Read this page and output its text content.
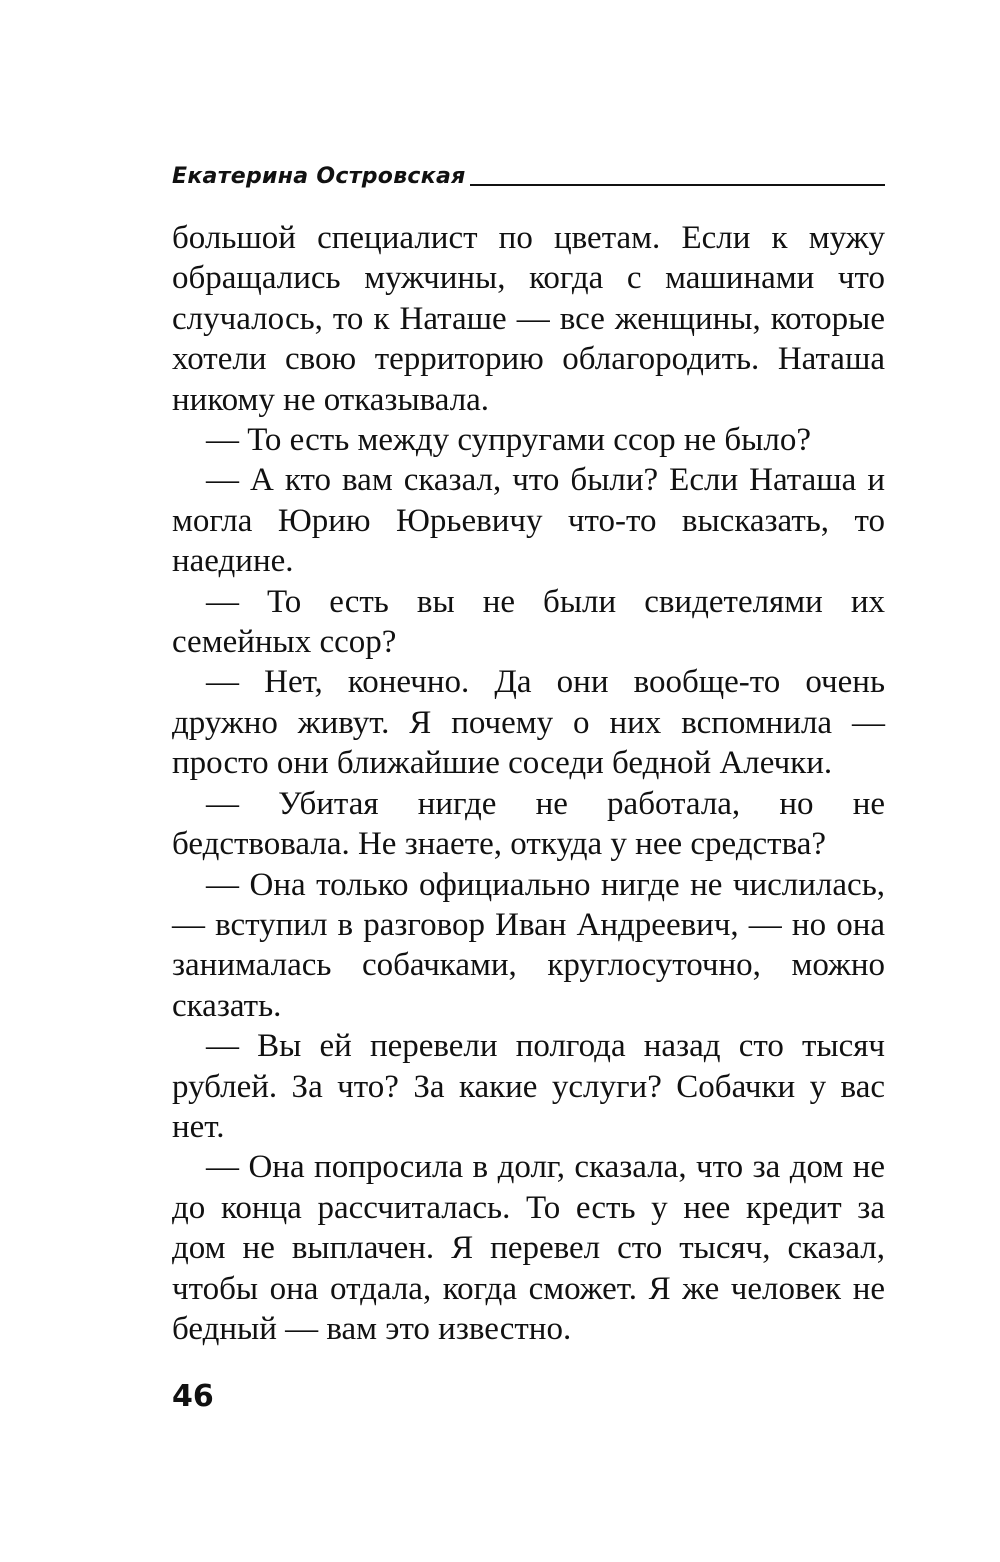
Екатерина Островская

большой специалист по цветам. Если к мужу обращались мужчины, когда с машинами что случалось, то к Наташе — все женщины, которые хотели свою территорию облагородить. Наташа никому не отказывала.

— То есть между супругами ссор не было?

— А кто вам сказал, что были? Если Наташа и могла Юрию Юрьевичу что-то высказать, то наедине.

— То есть вы не были свидетелями их семейных ссор?

— Нет, конечно. Да они вообще-то очень дружно живут. Я почему о них вспомнила — просто они ближайшие соседи бедной Алечки.

— Убитая нигде не работала, но не бедствовала. Не знаете, откуда у нее средства?

— Она только официально нигде не числилась, — вступил в разговор Иван Андреевич, — но она занималась собачками, круглосуточно, можно сказать.

— Вы ей перевели полгода назад сто тысяч рублей. За что? За какие услуги? Собачки у вас нет.

— Она попросила в долг, сказала, что за дом не до конца рассчиталась. То есть у нее кредит за дом не выплачен. Я перевел сто тысяч, сказал, чтобы она отдала, когда сможет. Я же человек не бедный — вам это известно.

46
